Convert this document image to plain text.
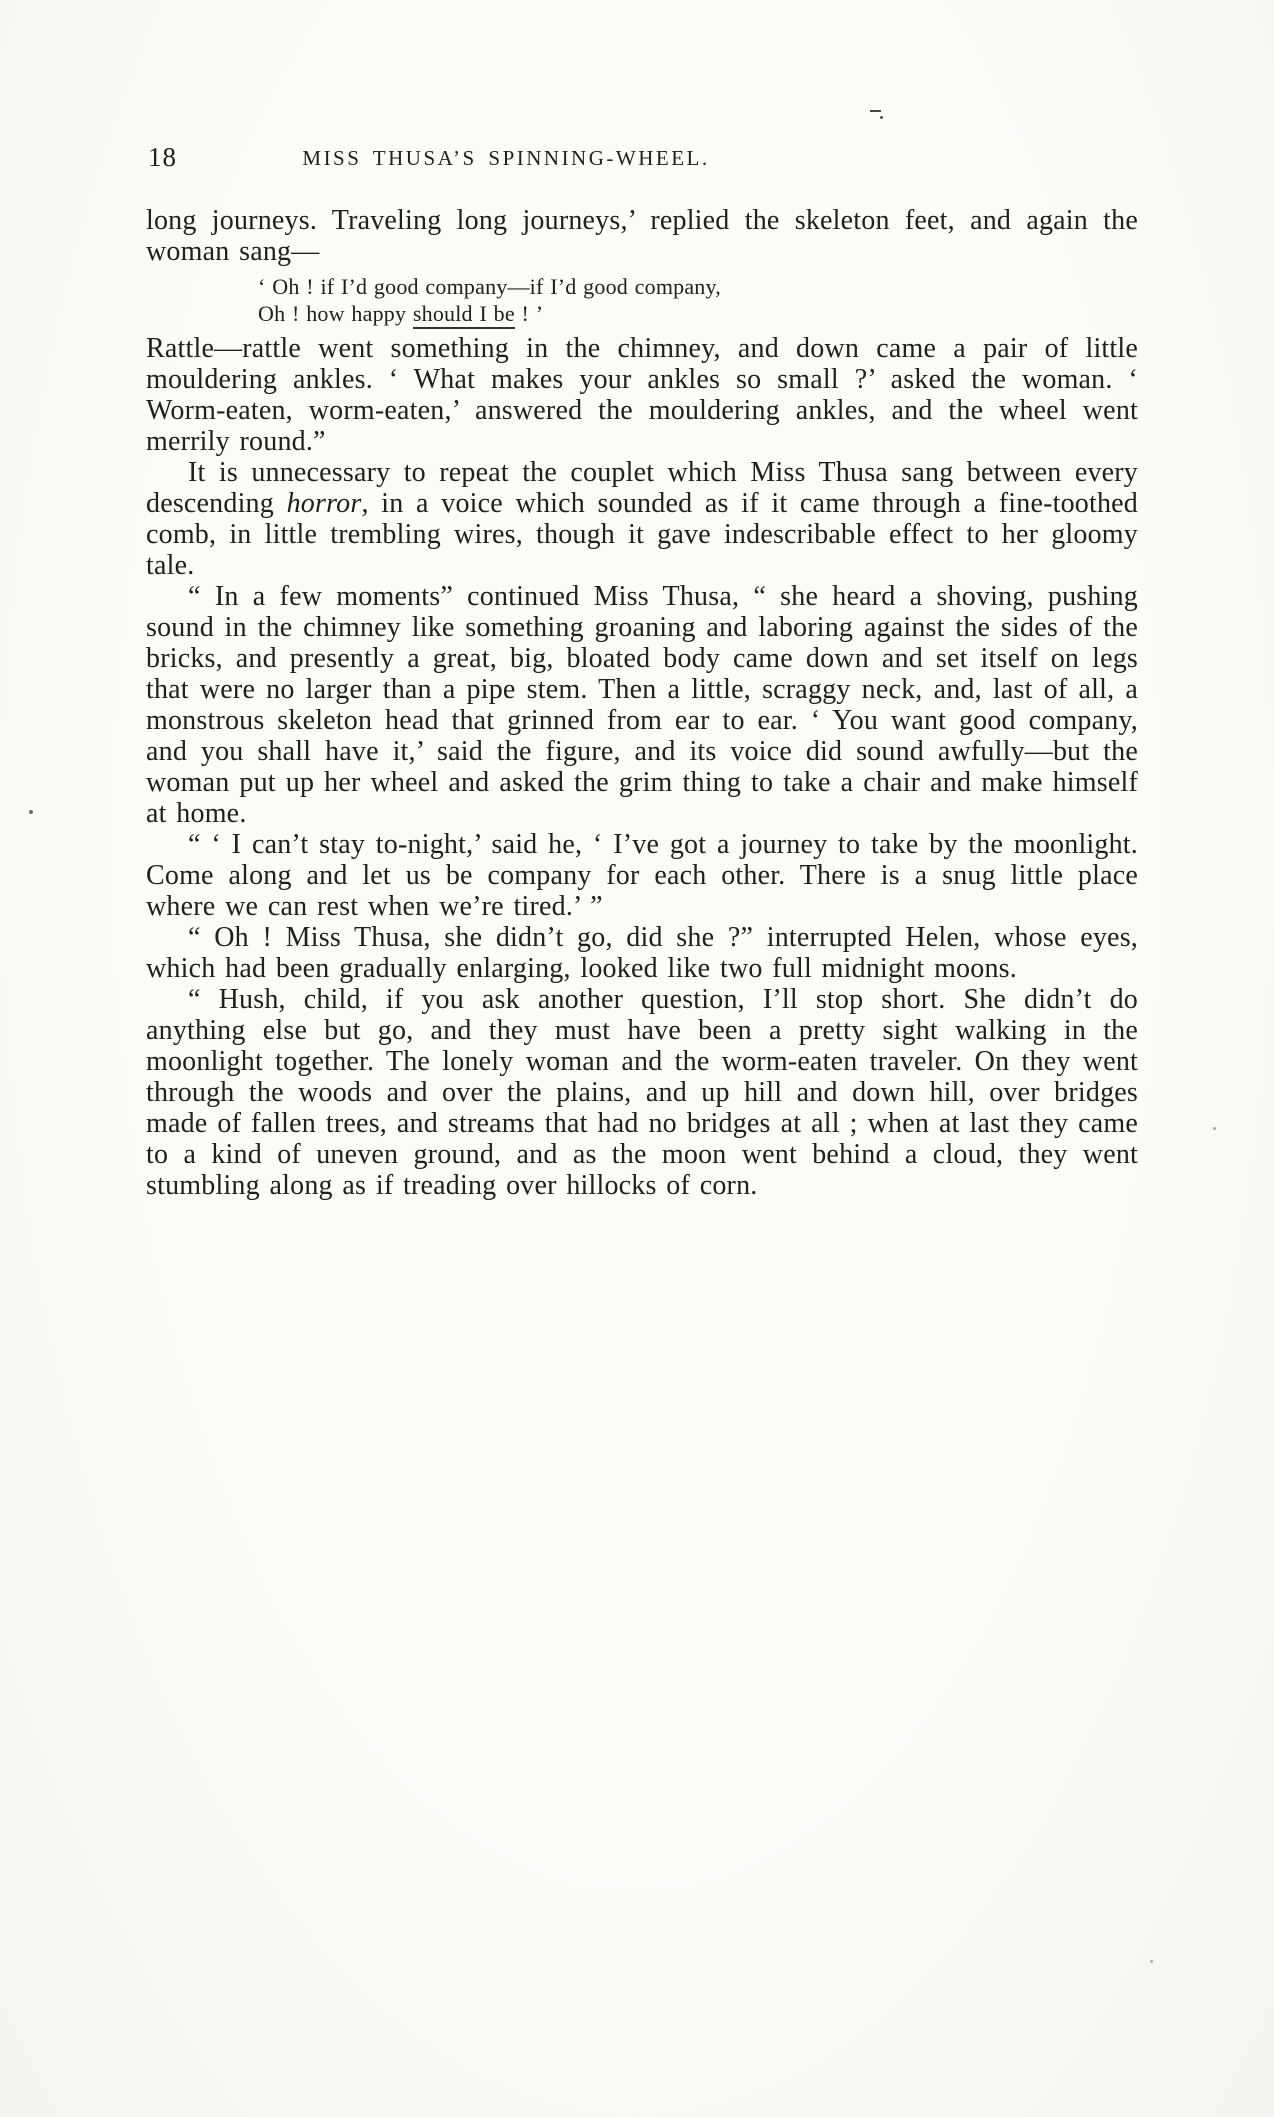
18	MISS THUSA’S SPINNING-WHEEL.

long journeys. Traveling long journeys,’ replied the skeleton feet, and again the woman sang—

‘ Oh ! if I’d good company—if I’d good company,
Oh ! how happy should I be ! ’

Rattle—rattle went something in the chimney, and down came a pair of little mouldering ankles. ‘ What makes your ankles so small ?’ asked the woman. ‘ Worm-eaten, worm-eaten,’ answered the mouldering ankles, and the wheel went merrily round.”

It is unnecessary to repeat the couplet which Miss Thusa sang between every descending horror, in a voice which sounded as if it came through a fine-toothed comb, in little trembling wires, though it gave indescribable effect to her gloomy tale.

“ In a few moments” continued Miss Thusa, “ she heard a shoving, pushing sound in the chimney like something groaning and laboring against the sides of the bricks, and presently a great, big, bloated body came down and set itself on legs that were no larger than a pipe stem. Then a little, scraggy neck, and, last of all, a monstrous skeleton head that grinned from ear to ear. ‘ You want good company, and you shall have it,’ said the figure, and its voice did sound awfully—but the woman put up her wheel and asked the grim thing to take a chair and make himself at home.

“ ‘ I can’t stay to-night,’ said he, ‘ I’ve got a journey to take by the moonlight. Come along and let us be company for each other. There is a snug little place where we can rest when we’re tired.’ ”

“ Oh ! Miss Thusa, she didn’t go, did she ?” interrupted Helen, whose eyes, which had been gradually enlarging, looked like two full midnight moons.

“ Hush, child, if you ask another question, I’ll stop short. She didn’t do anything else but go, and they must have been a pretty sight walking in the moonlight together. The lonely woman and the worm-eaten traveler. On they went through the woods and over the plains, and up hill and down hill, over bridges made of fallen trees, and streams that had no bridges at all ; when at last they came to a kind of uneven ground, and as the moon went behind a cloud, they went stumbling along as if treading over hillocks of corn.
